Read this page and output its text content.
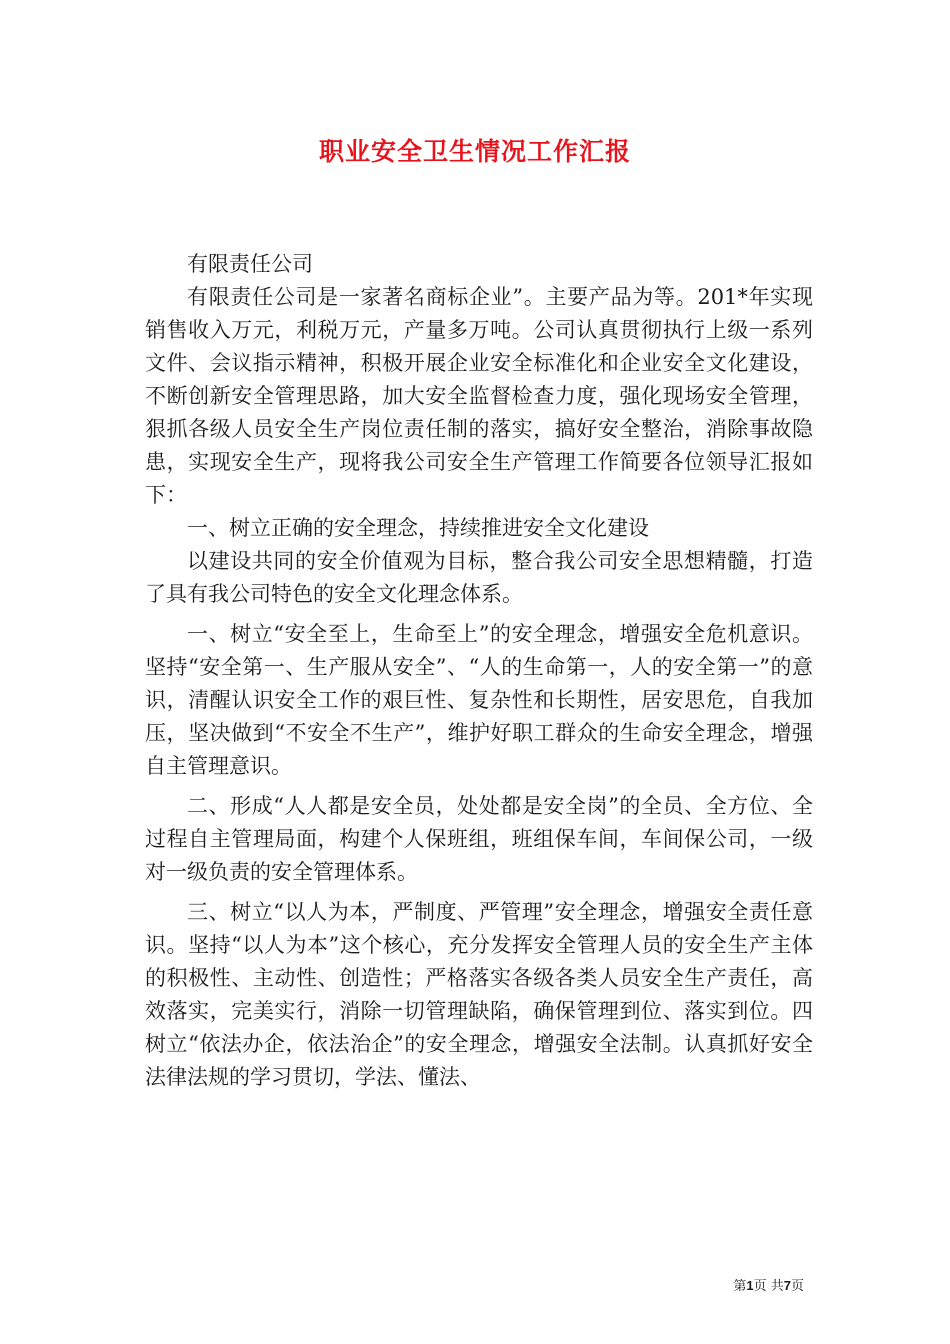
职业安全卫生情况工作汇报

有限责任公司

有限责任公司是一家著名商标企业”。主要产品为等。201*年实现销售收入万元，利税万元，产量多万吨。公司认真贯彻执行上级一系列文件、会议指示精神，积极开展企业安全标准化和企业安全文化建设，不断创新安全管理思路，加大安全监督检查力度，强化现场安全管理，狠抓各级人员安全生产岗位责任制的落实，搞好安全整治，消除事故隐患，实现安全生产，现将我公司安全生产管理工作简要各位领导汇报如下：

一、树立正确的安全理念，持续推进安全文化建设

以建设共同的安全价值观为目标，整合我公司安全思想精髓，打造了具有我公司特色的安全文化理念体系。

一、树立“安全至上，生命至上”的安全理念，增强安全危机意识。坚持“安全第一、生产服从安全”、“人的生命第一，人的安全第一”的意识，清醒认识安全工作的艰巨性、复杂性和长期性，居安思危，自我加压，坚决做到“不安全不生产”，维护好职工群众的生命安全理念，增强自主管理意识。

二、形成“人人都是安全员，处处都是安全岗”的全员、全方位、全过程自主管理局面，构建个人保班组，班组保车间，车间保公司，一级对一级负责的安全管理体系。

三、树立“以人为本，严制度、严管理”安全理念，增强安全责任意识。坚持“以人为本”这个核心，充分发挥安全管理人员的安全生产主体的积极性、主动性、创造性；严格落实各级各类人员安全生产责任，高效落实，完美实行，消除一切管理缺陷，确保管理到位、落实到位。四树立“依法办企，依法治企”的安全理念，增强安全法制。认真抓好安全法律法规的学习贯切，学法、懂法、

第1页 共7页
